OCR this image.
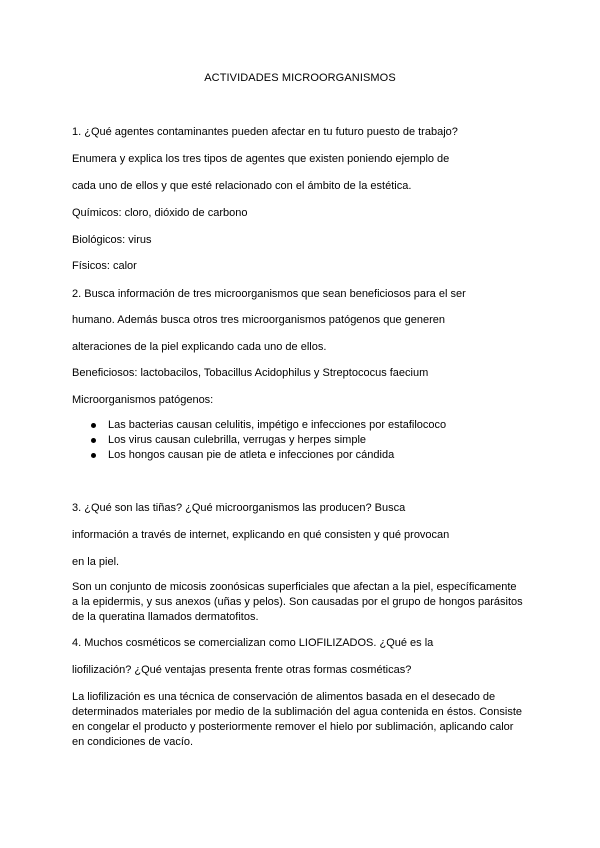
ACTIVIDADES MICROORGANISMOS
1. ¿Qué agentes contaminantes pueden afectar en tu futuro puesto de trabajo?
Enumera y explica los tres tipos de agentes que existen poniendo ejemplo de
cada uno de ellos y que esté relacionado con el ámbito de la estética.
Químicos: cloro, dióxido de carbono
Biológicos: virus
Físicos: calor
2. Busca información de tres microorganismos que sean beneficiosos para el ser
humano. Además busca otros tres microorganismos patógenos que generen
alteraciones de la piel explicando cada uno de ellos.
Beneficiosos: lactobacilos, Tobacillus Acidophilus y Streptococus faecium
Microorganismos patógenos:
Las bacterias causan celulitis, impétigo e infecciones por estafilococo
Los virus causan culebrilla, verrugas y herpes simple
Los hongos causan pie de atleta e infecciones por cándida
3. ¿Qué son las tiñas? ¿Qué microorganismos las producen? Busca
información a través de internet, explicando en qué consisten y qué provocan
en la piel.
Son un conjunto de micosis zoonósicas superficiales que afectan a la piel, específicamente
a la epidermis, y sus anexos (uñas y pelos). Son causadas por el grupo de hongos parásitos
de la queratina llamados dermatofitos.
4. Muchos cosméticos se comercializan como LIOFILIZADOS. ¿Qué es la
liofilización? ¿Qué ventajas presenta frente otras formas cosméticas?
La liofilización es una técnica de conservación de alimentos basada en el desecado de
determinados materiales por medio de la sublimación del agua contenida en éstos. Consiste
en congelar el producto y posteriormente remover el hielo por sublimación, aplicando calor
en condiciones de vacío.
